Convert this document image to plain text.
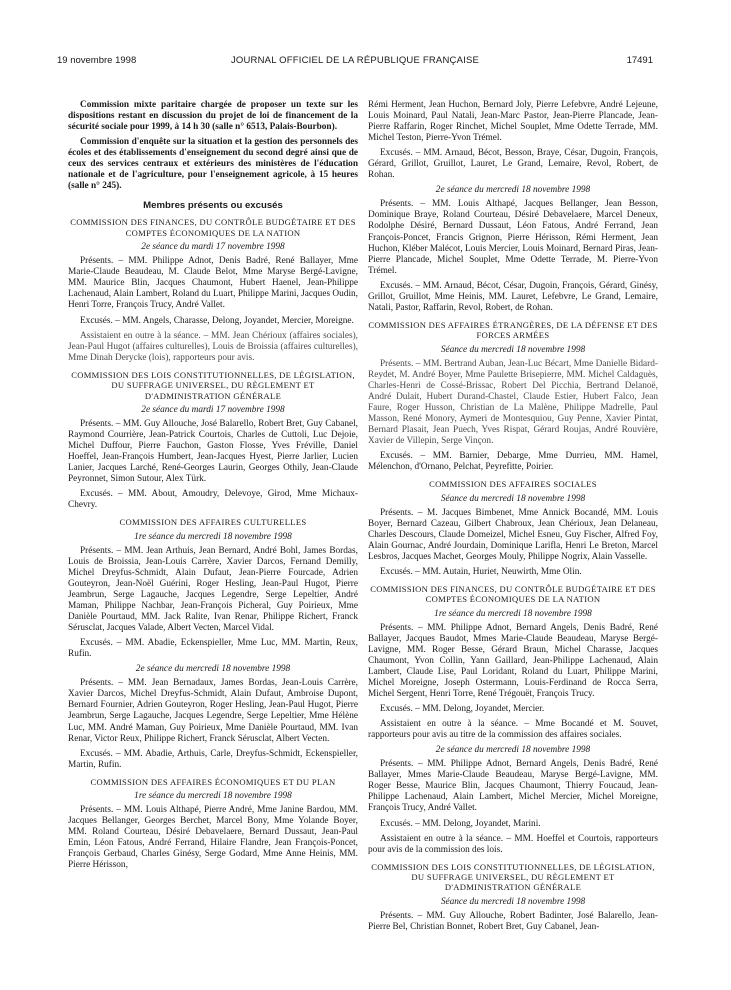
19 novembre 1998	JOURNAL OFFICIEL DE LA RÉPUBLIQUE FRANÇAISE	17491

Commission mixte paritaire chargée de proposer un texte sur les dispositions restant en discussion du projet de loi de financement de la sécurité sociale pour 1999, à 14 h 30 (salle n° 6513, Palais-Bourbon).

Commission d'enquête sur la situation et la gestion des personnels des écoles et des établissements d'enseignement du second degré ainsi que de ceux des services centraux et extérieurs des ministères de l'éducation nationale et de l'agriculture, pour l'enseignement agricole, à 15 heures (salle n° 245).

Membres présents ou excusés
COMMISSION DES FINANCES, DU CONTRÔLE BUDGÉTAIRE ET DES COMPTES ÉCONOMIQUES DE LA NATION
2e séance du mardi 17 novembre 1998

Présents. – MM. Philippe Adnot, Denis Badré, René Ballayer, Mme Marie-Claude Beaudeau, M. Claude Belot, Mme Maryse Bergé-Lavigne, MM. Maurice Blin, Jacques Chaumont, Hubert Haenel, Jean-Philippe Lachenaud, Alain Lambert, Roland du Luart, Philippe Marini, Jacques Oudin, Henri Torre, François Trucy, André Vallet.

Excusés. – MM. Angels, Charasse, Delong, Joyandet, Mercier, Moreigne.

Assistaient en outre à la séance. – MM. Jean Chérioux (affaires sociales), Jean-Paul Hugot (affaires culturelles), Louis de Broissia (affaires culturelles), Mme Dinah Derycke (lois), rapporteurs pour avis.

COMMISSION DES LOIS CONSTITUTIONNELLES, DE LÉGISLATION, DU SUFFRAGE UNIVERSEL, DU RÈGLEMENT ET D'ADMINISTRATION GÉNÉRALE
2e séance du mardi 17 novembre 1998

Présents. – MM. Guy Allouche, José Balarello, Robert Bret, Guy Cabanel, Raymond Courrière, Jean-Patrick Courtois, Charles de Cuttoli, Luc Dejoie, Michel Duffour, Pierre Fauchon, Gaston Flosse, Yves Fréville, Daniel Hoeffel, Jean-François Humbert, Jean-Jacques Hyest, Pierre Jarlier, Lucien Lanier, Jacques Larché, René-Georges Laurin, Georges Othily, Jean-Claude Peyronnet, Simon Sutour, Alex Türk.

Excusés. – MM. About, Amoudry, Delevoye, Girod, Mme Michaux-Chevry.

COMMISSION DES AFFAIRES CULTURELLES
1re séance du mercredi 18 novembre 1998

Présents. – MM. Jean Arthuis, Jean Bernard, André Bohl, James Bordas, Louis de Broissia, Jean-Louis Carrère, Xavier Darcos, Fernand Demilly, Michel Dreyfus-Schmidt, Alain Dufaut, Jean-Pierre Fourcade, Adrien Gouteyron, Jean-Noël Guérini, Roger Hesling, Jean-Paul Hugot, Pierre Jeambrun, Serge Lagauche, Jacques Legendre, Serge Lepeltier, André Maman, Philippe Nachbar, Jean-François Picheral, Guy Poirieux, Mme Danièle Pourtaud, MM. Jack Ralite, Ivan Renar, Philippe Richert, Franck Sérusclat, Jacques Valade, Albert Vecten, Marcel Vidal.

Excusés. – MM. Abadie, Eckenspieller, Mme Luc, MM. Martin, Reux, Rufin.

2e séance du mercredi 18 novembre 1998

Présents. – MM. Jean Bernadaux, James Bordas, Jean-Louis Carrère, Xavier Darcos, Michel Dreyfus-Schmidt, Alain Dufaut, Ambroise Dupont, Bernard Fournier, Adrien Gouteyron, Roger Hesling, Jean-Paul Hugot, Pierre Jeambrun, Serge Lagauche, Jacques Legendre, Serge Lepeltier, Mme Hélène Luc, MM. André Maman, Guy Poirieux, Mme Danièle Pourtaud, MM. Ivan Renar, Victor Reux, Philippe Richert, Franck Sérusclat, Albert Vecten.

Excusés. – MM. Abadie, Arthuis, Carle, Dreyfus-Schmidt, Eckenspieller, Martin, Rufin.

COMMISSION DES AFFAIRES ÉCONOMIQUES ET DU PLAN
1re séance du mercredi 18 novembre 1998

Présents. – MM. Louis Althapé, Pierre André, Mme Janine Bardou, MM. Jacques Bellanger, Georges Berchet, Marcel Bony, Mme Yolande Boyer, MM. Roland Courteau, Désiré Debavelaere, Bernard Dussaut, Jean-Paul Emin, Léon Fatous, André Ferrand, Hilaire Flandre, Jean François-Poncet, François Gerbaud, Charles Ginésy, Serge Godard, Mme Anne Heinis, MM. Pierre Hérisson,

Rémi Herment, Jean Huchon, Bernard Joly, Pierre Lefebvre, André Lejeune, Louis Moinard, Paul Natali, Jean-Marc Pastor, Jean-Pierre Plancade, Jean-Pierre Raffarin, Roger Rinchet, Michel Souplet, Mme Odette Terrade, MM. Michel Teston, Pierre-Yvon Trémel.

Excusés. – MM. Arnaud, Bécot, Besson, Braye, César, Dugoin, François, Gérard, Grillot, Gruillot, Lauret, Le Grand, Lemaire, Revol, Robert, de Rohan.

2e séance du mercredi 18 novembre 1998

Présents. – MM. Louis Althapé, Jacques Bellanger, Jean Besson, Dominique Braye, Roland Courteau, Désiré Debavelaere, Marcel Deneux, Rodolphe Désiré, Bernard Dussaut, Léon Fatous, André Ferrand, Jean François-Poncet, Francis Grignon, Pierre Hérisson, Rémi Herment, Jean Huchon, Kléber Malécot, Louis Mercier, Louis Moinard, Bernard Piras, Jean-Pierre Plancade, Michel Souplet, Mme Odette Terrade, M. Pierre-Yvon Trémel.

Excusés. – MM. Arnaud, Bécot, César, Dugoin, François, Gérard, Ginésy, Grillot, Gruillot, Mme Heinis, MM. Lauret, Lefebvre, Le Grand, Lemaire, Natali, Pastor, Raffarin, Revol, Robert, de Rohan.

COMMISSION DES AFFAIRES ÉTRANGÈRES, DE LA DÉFENSE ET DES FORCES ARMÉES
Séance du mercredi 18 novembre 1998

Présents. – MM. Bertrand Auban, Jean-Luc Bécart, Mme Danielle Bidard-Reydet, M. André Boyer, Mme Paulette Brisepierre, MM. Michel Caldaguès, Charles-Henri de Cossé-Brissac, Robert Del Picchia, Bertrand Delanoë, André Dulait, Hubert Durand-Chastel, Claude Estier, Hubert Falco, Jean Faure, Roger Husson, Christian de La Malène, Philippe Madrelle, Paul Masson, René Monory, Aymeri de Montesquiou, Guy Penne, Xavier Pintat, Bernard Plasait, Jean Puech, Yves Rispat, Gérard Roujas, André Rouvière, Xavier de Villepin, Serge Vinçon.

Excusés. – MM. Barnier, Debarge, Mme Durrieu, MM. Hamel, Mélenchon, d'Ornano, Pelchat, Peyrefitte, Poirier.

COMMISSION DES AFFAIRES SOCIALES
Séance du mercredi 18 novembre 1998

Présents. – M. Jacques Bimbenet, Mme Annick Bocandé, MM. Louis Boyer, Bernard Cazeau, Gilbert Chabroux, Jean Chérioux, Jean Delaneau, Charles Descours, Claude Domeizel, Michel Esneu, Guy Fischer, Alfred Foy, Alain Gournac, André Jourdain, Dominique Larifla, Henri Le Breton, Marcel Lesbros, Jacques Machet, Georges Mouly, Philippe Nogrix, Alain Vasselle.

Excusés. – MM. Autain, Huriet, Neuwirth, Mme Olin.

COMMISSION DES FINANCES, DU CONTRÔLE BUDGÉTAIRE ET DES COMPTES ÉCONOMIQUES DE LA NATION
1re séance du mercredi 18 novembre 1998

Présents. – MM. Philippe Adnot, Bernard Angels, Denis Badré, René Ballayer, Jacques Baudot, Mmes Marie-Claude Beaudeau, Maryse Bergé-Lavigne, MM. Roger Besse, Gérard Braun, Michel Charasse, Jacques Chaumont, Yvon Collin, Yann Gaillard, Jean-Philippe Lachenaud, Alain Lambert, Claude Lise, Paul Loridant, Roland du Luart, Philippe Marini, Michel Moreigne, Joseph Ostermann, Louis-Ferdinand de Rocca Serra, Michel Sergent, Henri Torre, René Trégouët, François Trucy.

Excusés. – MM. Delong, Joyandet, Mercier.

Assistaient en outre à la séance. – Mme Bocandé et M. Souvet, rapporteurs pour avis au titre de la commission des affaires sociales.

2e séance du mercredi 18 novembre 1998

Présents. – MM. Philippe Adnot, Bernard Angels, Denis Badré, René Ballayer, Mmes Marie-Claude Beaudeau, Maryse Bergé-Lavigne, MM. Roger Besse, Maurice Blin, Jacques Chaumont, Thierry Foucaud, Jean-Philippe Lachenaud, Alain Lambert, Michel Mercier, Michel Moreigne, François Trucy, André Vallet.

Excusés. – MM. Delong, Joyandet, Marini.

Assistaient en outre à la séance. – MM. Hoeffel et Courtois, rapporteurs pour avis de la commission des lois.

COMMISSION DES LOIS CONSTITUTIONNELLES, DE LÉGISLATION, DU SUFFRAGE UNIVERSEL, DU RÈGLEMENT ET D'ADMINISTRATION GÉNÉRALE
Séance du mercredi 18 novembre 1998

Présents. – MM. Guy Allouche, Robert Badinter, José Balarello, Jean-Pierre Bel, Christian Bonnet, Robert Bret, Guy Cabanel, Jean-
